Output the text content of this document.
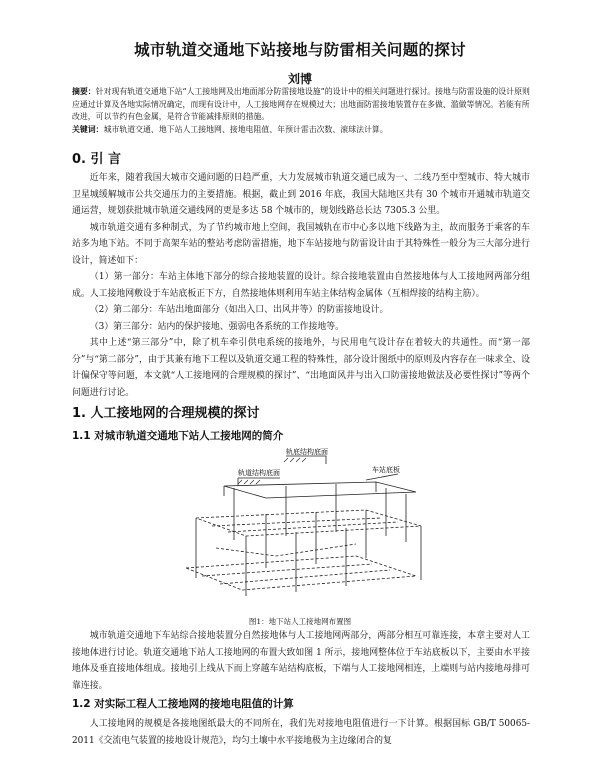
城市轨道交通地下站接地与防雷相关问题的探讨
刘博

摘要：针对现有轨道交通地下站“人工接地网及出地面部分防雷接地设施”的设计中的相关问题进行探讨。接地与防雷设施的设计原则应通过计算及各地实际情况确定，而现有设计中，人工接地网存在规模过大；出地面防雷接地装置存在多做、滥做等情况。若能有所改进，可以节约有色金属，是符合节能减排原则的措施。

关键词：城市轨道交通、地下站人工接地网、接地电阻值、年预计雷击次数、滚球法计算。

0. 引 言

近年来，随着我国大城市交通问题的日趋严重，大力发展城市轨道交通已成为一、二线乃至中型城市、特大城市卫星城缓解城市公共交通压力的主要措施。根据，截止到 2016 年底，我国大陆地区共有 30 个城市开通城市轨道交通运营，规划获批城市轨道交通线网的更是多达 58 个城市的，规划线路总长达 7305.3 公里。

城市轨道交通有多种制式，为了节约城市地上空间，我国城轨在市中心多以地下线路为主，故而服务于乘客的车站多为地下站。不同于高架车站的整站考虑防雷措施，地下车站接地与防雷设计由于其特殊性一般分为三大部分进行设计，简述如下：

（1）第一部分：车站主体地下部分的综合接地装置的设计。综合接地装置由自然接地体与人工接地网两部分组成。人工接地网敷设于车站底板正下方，自然接地体则利用车站主体结构金属体（互相焊接的结构主筋）。

（2）第二部分：车站出地面部分（如出入口、出风井等）的防雷接地设计。

（3）第三部分：站内的保护接地、强弱电各系统的工作接地等。

其中上述“第三部分”中，除了机车牵引供电系统的接地外，与民用电气设计存在着较大的共通性。而“第一部分”与“第二部分”，由于其兼有地下工程以及轨道交通工程的特殊性，部分设计图纸中的原则及内容存在一味求全、设计偏保守等问题，本文就“人工接地网的合理规模的探讨”、“出地面风井与出入口防雷接地做法及必要性探讨”等两个问题进行讨论。

1. 人工接地网的合理规模的探讨
1.1 对城市轨道交通地下站人工接地网的简介
轨底结构底面
轨道结构底面	车站底板
图1：地下站人工接地网布置图

城市轨道交通地下车站综合接地装置分自然接地体与人工接地网两部分，两部分相互可靠连接，本章主要对人工接地体进行讨论。轨道交通地下站人工接地网的布置大致如图 1 所示，接地网整体位于车站底板以下，主要由水平接地体及垂直接地体组成。接地引上线从下而上穿越车站结构底板，下端与人工接地网相连，上端则与站内接地母排可靠连接。

1.2 对实际工程人工接地网的接地电阻值的计算

人工接地网的规模是各接地图纸最大的不同所在，我们先对接地电阻值进行一下计算。根据国标 GB/T 50065-2011《交流电气装置的接地设计规范》，均匀土壤中水平接地极为主边缘闭合的复
